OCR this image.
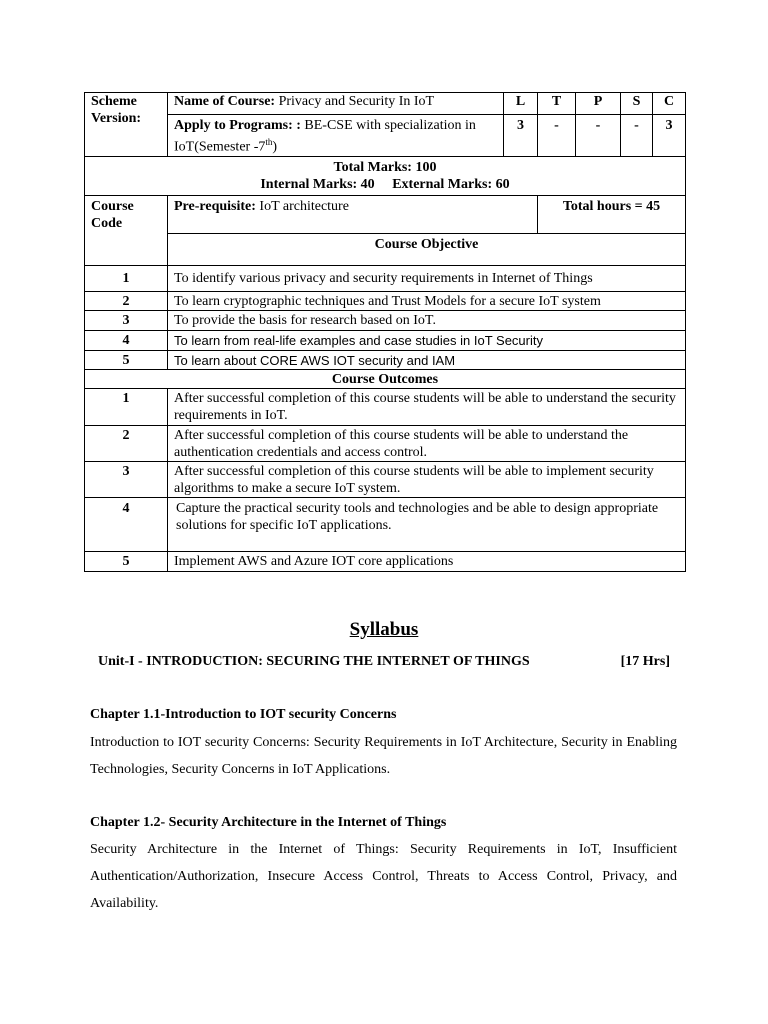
Scheme Version:	Name of Course: Privacy and Security In IoT	L	T	P	S	C
	Apply to Programs: : BE-CSE with specialization in IoT(Semester -7th)	3	-	-	-	3

Total Marks: 100
Internal Marks: 40 External Marks: 60						

Course Code	Pre-requisite: IoT architecture		Total hours = 45			
	Course Objective					
1	To identify various privacy and security requirements in Internet of Things					
2	To learn cryptographic techniques and Trust Models for a secure IoT system					
3	To provide the basis for research based on IoT.					
4	To learn from real-life examples and case studies in IoT Security					
5	To learn about CORE AWS IOT security and IAM					
Course Outcomes						
1	After successful completion of this course students will be able to understand the security requirements in IoT.					
2	After successful completion of this course students will be able to understand the authentication credentials and access control.					
3	After successful completion of this course students will be able to implement security algorithms to make a secure IoT system.					
4	Capture the practical security tools and technologies and be able to design appropriate solutions for specific IoT applications.					
5	Implement AWS and Azure IOT core applications					
Syllabus
Unit-I - INTRODUCTION: SECURING THE INTERNET OF THINGS	[17 Hrs]
Chapter 1.1-Introduction to IOT security Concerns
Introduction to IOT security Concerns: Security Requirements in IoT Architecture, Security in Enabling Technologies, Security Concerns in IoT Applications.
Chapter 1.2- Security Architecture in the Internet of Things
Security Architecture in the Internet of Things: Security Requirements in IoT, Insufficient Authentication/Authorization, Insecure Access Control, Threats to Access Control, Privacy, and Availability.
